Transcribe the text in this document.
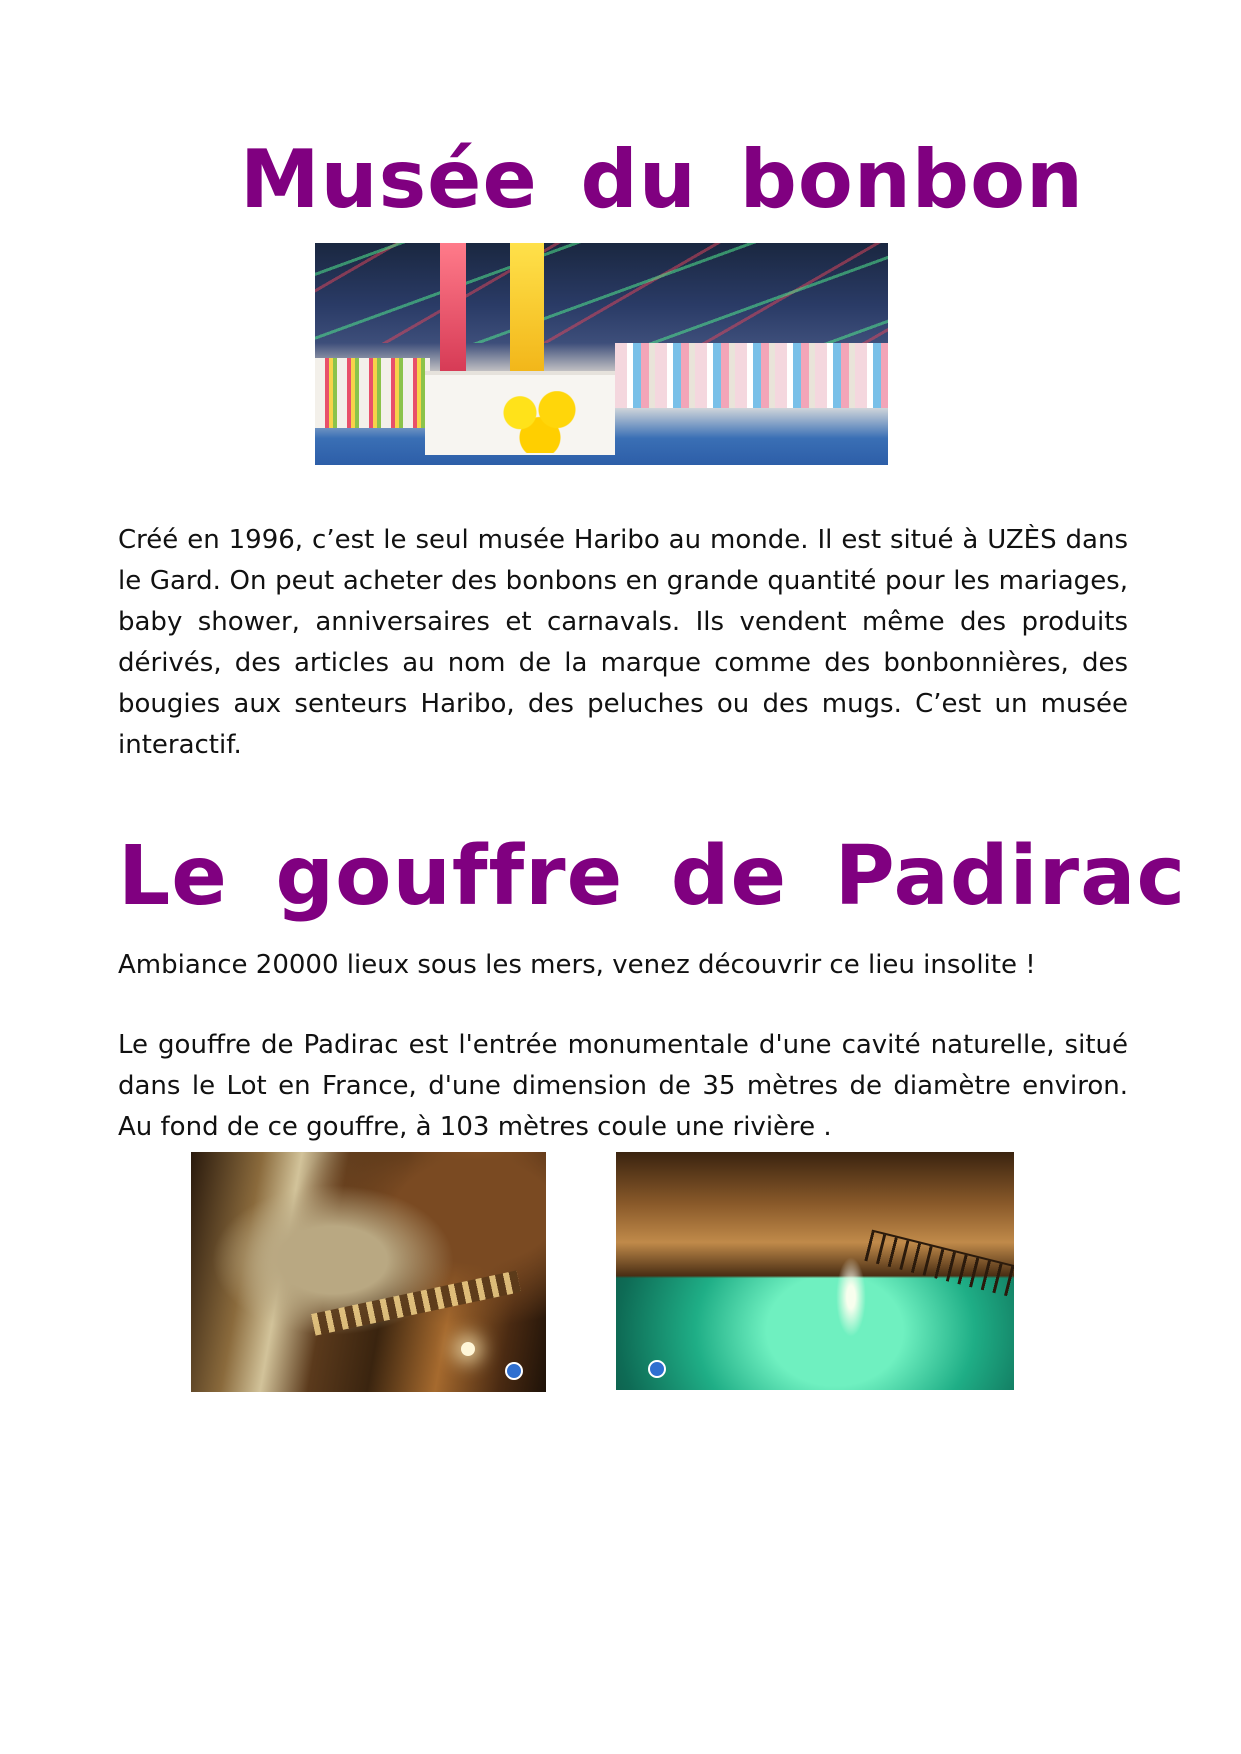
Musée du bonbon

Créé en 1996, c’est le seul musée Haribo au monde. Il est situé à UZÈS dans le Gard. On peut acheter des bonbons en grande quantité pour les mariages, baby shower, anniversaires et carnavals. Ils vendent même des produits dérivés, des articles au nom de la marque comme des bonbonnières, des bougies aux senteurs Haribo, des peluches ou des mugs. C’est un musée interactif.

Le gouffre de Padirac

Ambiance 20000 lieux sous les mers, venez découvrir ce lieu insolite !

Le gouffre de Padirac est l'entrée monumentale d'une cavité naturelle, situé dans le Lot en France, d'une dimension de 35 mètres de diamètre environ. Au fond de ce gouffre, à 103 mètres coule une rivière .
